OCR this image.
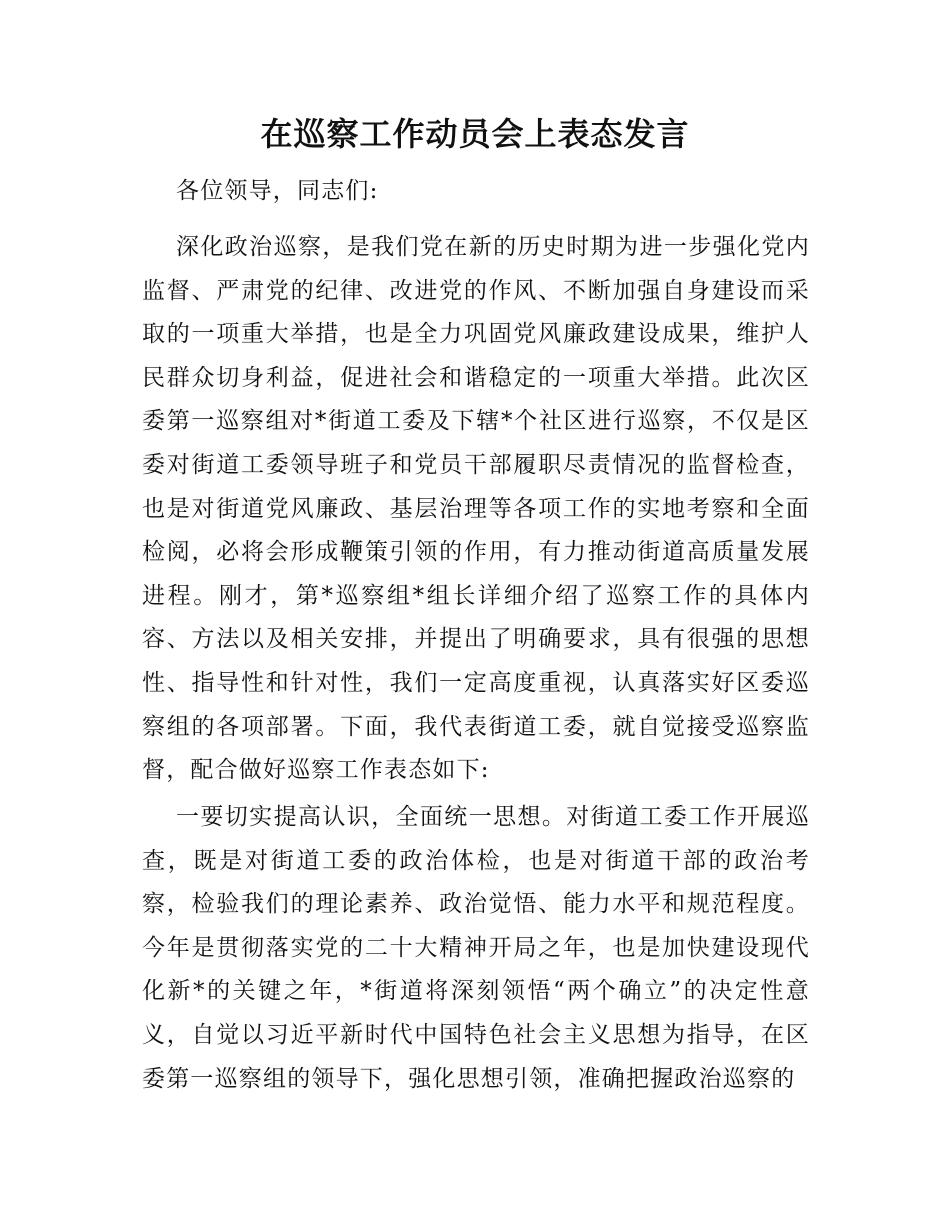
在巡察工作动员会上表态发言

各位领导，同志们:

深化政治巡察，是我们党在新的历史时期为进一步强化党内监督、严肃党的纪律、改进党的作风、不断加强自身建设而采取的一项重大举措，也是全力巩固党风廉政建设成果，维护人民群众切身利益，促进社会和谐稳定的一项重大举措。此次区委第一巡察组对*街道工委及下辖*个社区进行巡察，不仅是区委对街道工委领导班子和党员干部履职尽责情况的监督检查，也是对街道党风廉政、基层治理等各项工作的实地考察和全面检阅，必将会形成鞭策引领的作用，有力推动街道高质量发展进程。刚才，第*巡察组*组长详细介绍了巡察工作的具体内容、方法以及相关安排，并提出了明确要求，具有很强的思想性、指导性和针对性，我们一定高度重视，认真落实好区委巡察组的各项部署。下面，我代表街道工委，就自觉接受巡察监督，配合做好巡察工作表态如下:

一要切实提高认识，全面统一思想。对街道工委工作开展巡查，既是对街道工委的政治体检，也是对街道干部的政治考察，检验我们的理论素养、政治觉悟、能力水平和规范程度。今年是贯彻落实党的二十大精神开局之年，也是加快建设现代化新*的关键之年，*街道将深刻领悟“两个确立”的决定性意义，自觉以习近平新时代中国特色社会主义思想为指导，在区委第一巡察组的领导下，强化思想引领，准确把握政治巡察的
